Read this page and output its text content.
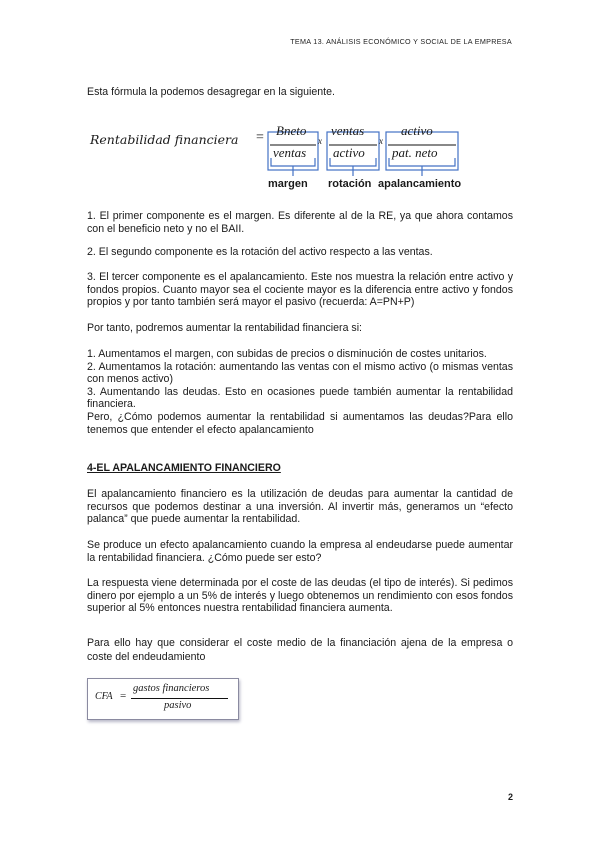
TEMA 13. ANÁLISIS ECONÓMICO Y SOCIAL DE LA EMPRESA
Esta fórmula la podemos desagregar en la siguiente.
Rentabilidad financiera = Bneto
ventas
x
ventas
activo
x
activo
pat. neto
margen rotación apalancamiento
1. El primer componente es el margen. Es diferente al de la RE, ya que ahora contamos con el beneficio neto y no el BAII.
2. El segundo componente es la rotación del activo respecto a las ventas.
3. El tercer componente es el apalancamiento. Este nos muestra la relación entre activo y fondos propios. Cuanto mayor sea el cociente mayor es la diferencia entre activo y fondos propios y por tanto también será mayor el pasivo (recuerda: A=PN+P)
Por tanto, podremos aumentar la rentabilidad financiera si:
1. Aumentamos el margen, con subidas de precios o disminución de costes unitarios.
2. Aumentamos la rotación: aumentando las ventas con el mismo activo (o mismas ventas con menos activo)
3. Aumentando las deudas. Esto en ocasiones puede también aumentar la rentabilidad financiera.
Pero, ¿Cómo podemos aumentar la rentabilidad si aumentamos las deudas?Para ello tenemos que entender el efecto apalancamiento
4-EL APALANCAMIENTO FINANCIERO
El apalancamiento financiero es la utilización de deudas para aumentar la cantidad de recursos que podemos destinar a una inversión. Al invertir más, generamos un “efecto palanca” que puede aumentar la rentabilidad.
Se produce un efecto apalancamiento cuando la empresa al endeudarse puede aumentar la rentabilidad financiera. ¿Cómo puede ser esto?
La respuesta viene determinada por el coste de las deudas (el tipo de interés). Si pedimos dinero por ejemplo a un 5% de interés y luego obtenemos un rendimiento con esos fondos superior al 5% entonces nuestra rentabilidad financiera aumenta.
Para ello hay que considerar el coste medio de la financiación ajena de la empresa o coste del endeudamiento
CFA =
gastos financieros
pasivo
2
